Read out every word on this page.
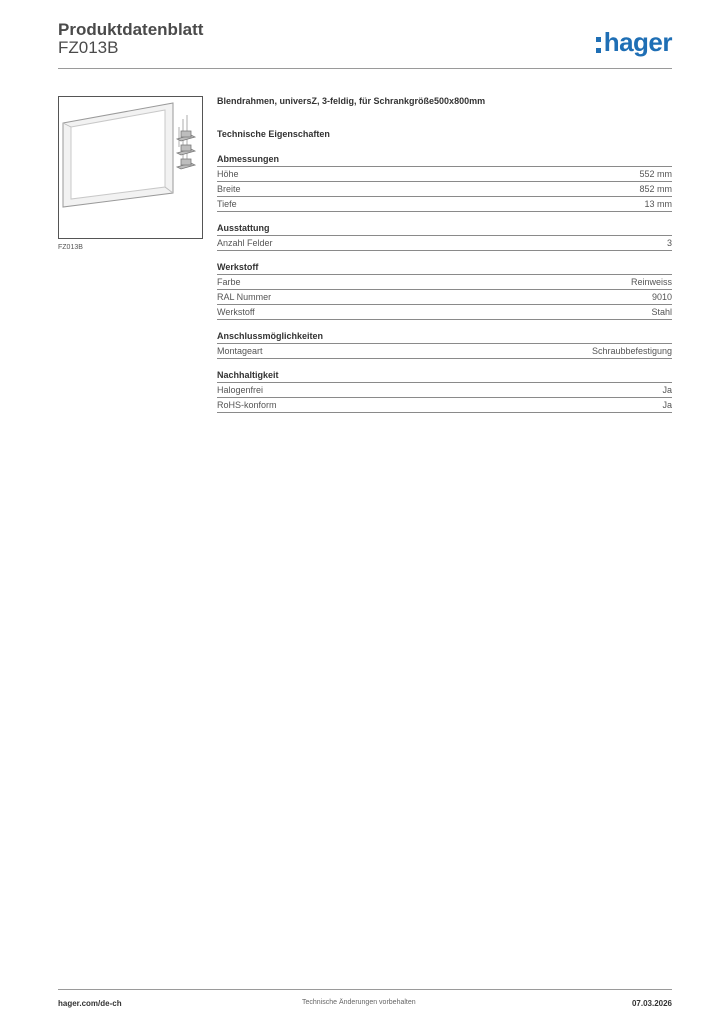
Produktdatenblatt
FZ013B	hager
FZ013B
Blendrahmen, universZ, 3-feldig, für Schrankgröße500x800mm
Technische Eigenschaften
Abmessungen
Höhe	552 mm
Breite	852 mm
Tiefe	13 mm
Ausstattung
Anzahl Felder	3
Werkstoff
Farbe	Reinweiss
RAL Nummer	9010
Werkstoff	Stahl
Anschlussmöglichkeiten
Montageart	Schraubbefestigung
Nachhaltigkeit
Halogenfrei	Ja
RoHS-konform	Ja
hager.com/de-ch	Technische Änderungen vorbehalten	07.03.2026
